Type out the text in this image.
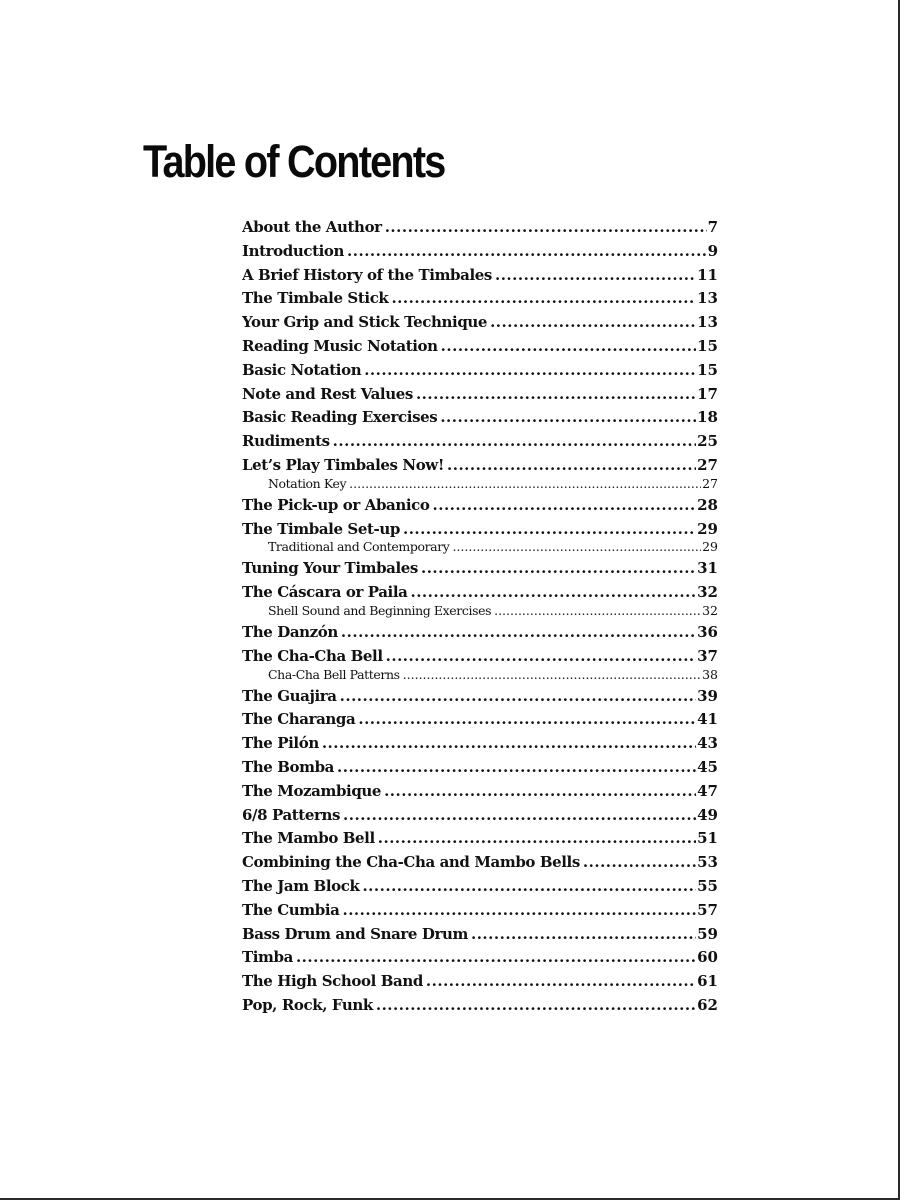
Table of Contents
About the Author .....	7
Introduction .....	9
A Brief History of the Timbales .....	11
The Timbale Stick .....	13
Your Grip and Stick Technique .....	13
Reading Music Notation .....	15
Basic Notation .....	15
Note and Rest Values .....	17
Basic Reading Exercises .....	18
Rudiments .....	25
Let’s Play Timbales Now! .....	27
Notation Key .....	27
The Pick-up or Abanico .....	28
The Timbale Set-up .....	29
Traditional and Contemporary .....	29
Tuning Your Timbales .....	31
The Cáscara or Paila .....	32
Shell Sound and Beginning Exercises .....	32
The Danzón .....	36
The Cha-Cha Bell .....	37
Cha-Cha Bell Patterns .....	38
The Guajira .....	39
The Charanga .....	41
The Pilón .....	43
The Bomba .....	45
The Mozambique .....	47
6/8 Patterns .....	49
The Mambo Bell .....	51
Combining the Cha-Cha and Mambo Bells .....	53
The Jam Block .....	55
The Cumbia .....	57
Bass Drum and Snare Drum .....	59
Timba .....	60
The High School Band .....	61
Pop, Rock, Funk .....	62
